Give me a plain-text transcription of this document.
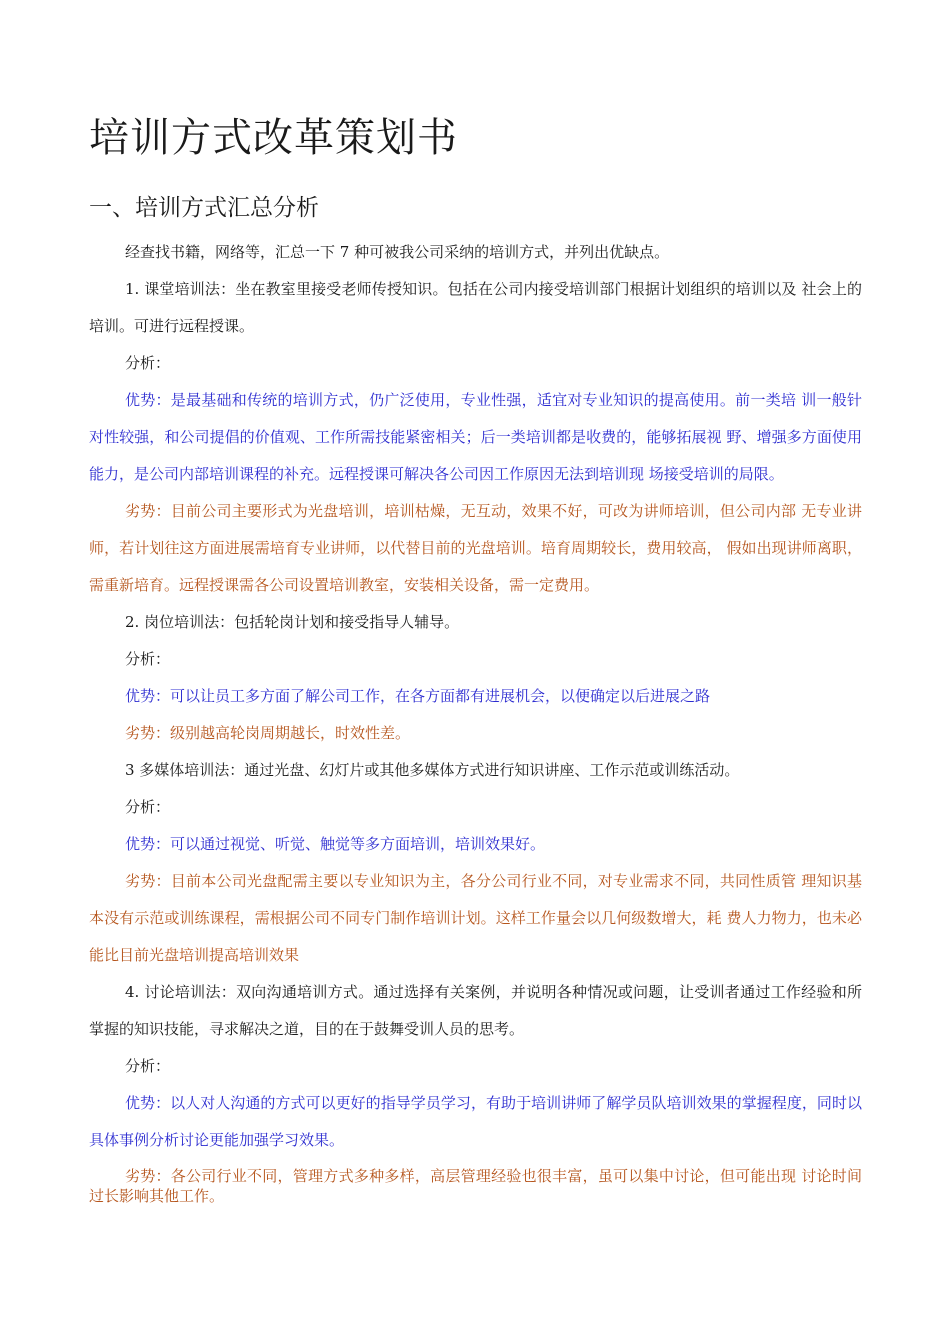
培训方式改革策划书
一、培训方式汇总分析

经查找书籍，网络等，汇总一下 7 种可被我公司采纳的培训方式，并列出优缺点。

1. 课堂培训法：坐在教室里接受老师传授知识。包括在公司内接受培训部门根据计划组织的培训以及 社会上的培训。可进行远程授课。

分析：

优势：是最基础和传统的培训方式，仍广泛使用，专业性强，适宜对专业知识的提高使用。前一类培 训一般针对性较强，和公司提倡的价值观、工作所需技能紧密相关；后一类培训都是收费的，能够拓展视 野、增强多方面使用能力，是公司内部培训课程的补充。远程授课可解决各公司因工作原因无法到培训现 场接受培训的局限。

劣势：目前公司主要形式为光盘培训，培训枯燥，无互动，效果不好，可改为讲师培训，但公司内部 无专业讲师，若计划往这方面进展需培育专业讲师，以代替目前的光盘培训。培育周期较长，费用较高， 假如出现讲师离职，需重新培育。远程授课需各公司设置培训教室，安装相关设备，需一定费用。

2. 岗位培训法：包括轮岗计划和接受指导人辅导。

分析：

优势：可以让员工多方面了解公司工作，在各方面都有进展机会，以便确定以后进展之路

劣势：级别越高轮岗周期越长，时效性差。

3 多媒体培训法：通过光盘、幻灯片或其他多媒体方式进行知识讲座、工作示范或训练活动。

分析：

优势：可以通过视觉、听觉、触觉等多方面培训，培训效果好。

劣势：目前本公司光盘配需主要以专业知识为主，各分公司行业不同，对专业需求不同，共同性质管 理知识基本没有示范或训练课程，需根据公司不同专门制作培训计划。这样工作量会以几何级数增大，耗 费人力物力，也未必能比目前光盘培训提高培训效果

4. 讨论培训法：双向沟通培训方式。通过选择有关案例，并说明各种情况或问题，让受训者通过工作经验和所掌握的知识技能，寻求解决之道，目的在于鼓舞受训人员的思考。

分析：

优势：以人对人沟通的方式可以更好的指导学员学习，有助于培训讲师了解学员队培训效果的掌握程度，同时以具体事例分析讨论更能加强学习效果。

劣势：各公司行业不同，管理方式多种多样，高层管理经验也很丰富，虽可以集中讨论，但可能出现 讨论时间过长影响其他工作。
